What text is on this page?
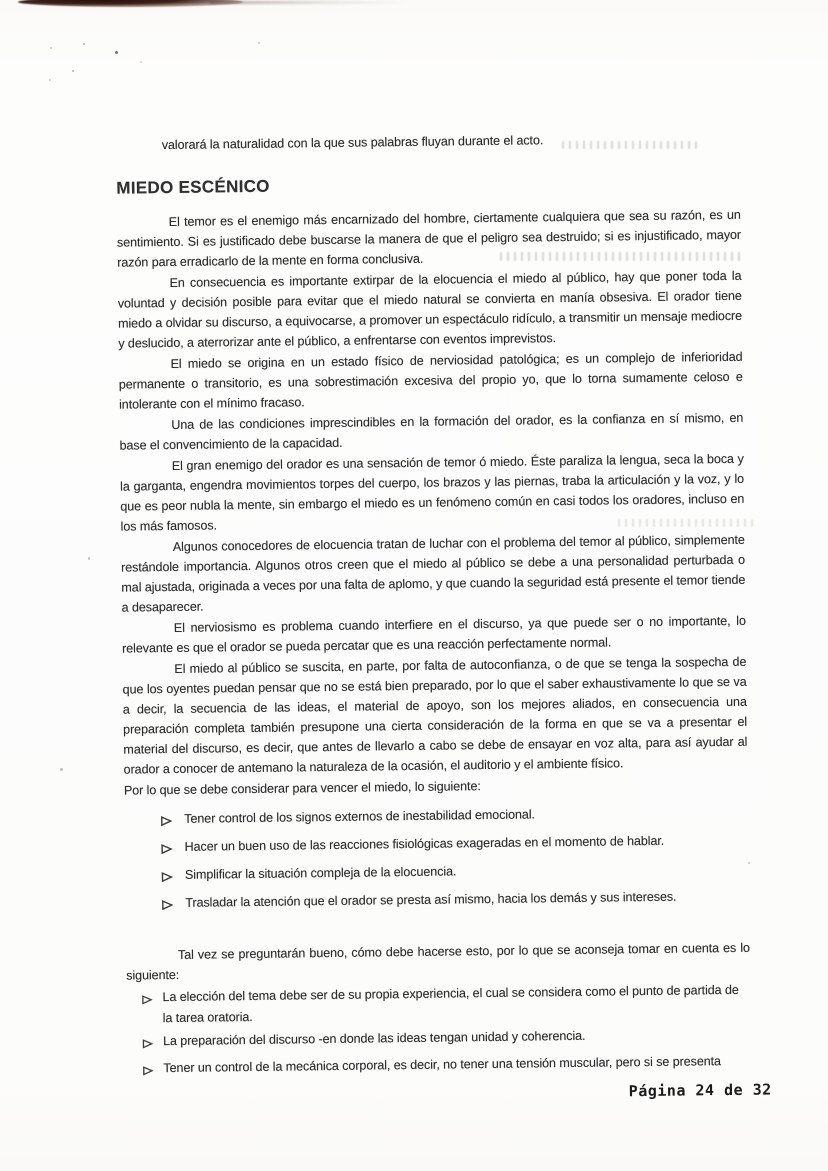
valorará la naturalidad con la que sus palabras fluyan durante el acto.

MIEDO ESCÉNICO

El temor es el enemigo más encarnizado del hombre, ciertamente cualquiera que sea su razón, es un sentimiento. Si es justificado debe buscarse la manera de que el peligro sea destruido; si es injustificado, mayor razón para erradicarlo de la mente en forma conclusiva.

En consecuencia es importante extirpar de la elocuencia el miedo al público, hay que poner toda la voluntad y decisión posible para evitar que el miedo natural se convierta en manía obsesiva. El orador tiene miedo a olvidar su discurso, a equivocarse, a promover un espectáculo ridículo, a transmitir un mensaje mediocre y deslucido, a aterrorizar ante el público, a enfrentarse con eventos imprevistos.

El miedo se origina en un estado físico de nerviosidad patológica; es un complejo de inferioridad permanente o transitorio, es una sobrestimación excesiva del propio yo, que lo torna sumamente celoso e intolerante con el mínimo fracaso.

Una de las condiciones imprescindibles en la formación del orador, es la confianza en sí mismo, en base el convencimiento de la capacidad.

El gran enemigo del orador es una sensación de temor ó miedo. Éste paraliza la lengua, seca la boca y la garganta, engendra movimientos torpes del cuerpo, los brazos y las piernas, traba la articulación y la voz, y lo que es peor nubla la mente, sin embargo el miedo es un fenómeno común en casi todos los oradores, incluso en los más famosos.

Algunos conocedores de elocuencia tratan de luchar con el problema del temor al público, simplemente restándole importancia. Algunos otros creen que el miedo al público se debe a una personalidad perturbada o mal ajustada, originada a veces por una falta de aplomo, y que cuando la seguridad está presente el temor tiende a desaparecer.

El nerviosismo es problema cuando interfiere en el discurso, ya que puede ser o no importante, lo relevante es que el orador se pueda percatar que es una reacción perfectamente normal.

El miedo al público se suscita, en parte, por falta de autoconfianza, o de que se tenga la sospecha de que los oyentes puedan pensar que no se está bien preparado, por lo que el saber exhaustivamente lo que se va a decir, la secuencia de las ideas, el material de apoyo, son los mejores aliados, en consecuencia una preparación completa también presupone una cierta consideración de la forma en que se va a presentar el material del discurso, es decir, que antes de llevarlo a cabo se debe de ensayar en voz alta, para así ayudar al orador a conocer de antemano la naturaleza de la ocasión, el auditorio y el ambiente físico.

Por lo que se debe considerar para vencer el miedo, lo siguiente:

Tener control de los signos externos de inestabilidad emocional.
Hacer un buen uso de las reacciones fisiológicas exageradas en el momento de hablar.
Simplificar la situación compleja de la elocuencia.
Trasladar la atención que el orador se presta así mismo, hacia los demás y sus intereses.

Tal vez se preguntarán bueno, cómo debe hacerse esto, por lo que se aconseja tomar en cuenta es lo siguiente:

La elección del tema debe ser de su propia experiencia, el cual se considera como el punto de partida de la tarea oratoria.
La preparación del discurso -en donde las ideas tengan unidad y coherencia.
Tener un control de la mecánica corporal, es decir, no tener una tensión muscular, pero si se presenta
Página 24 de 32
